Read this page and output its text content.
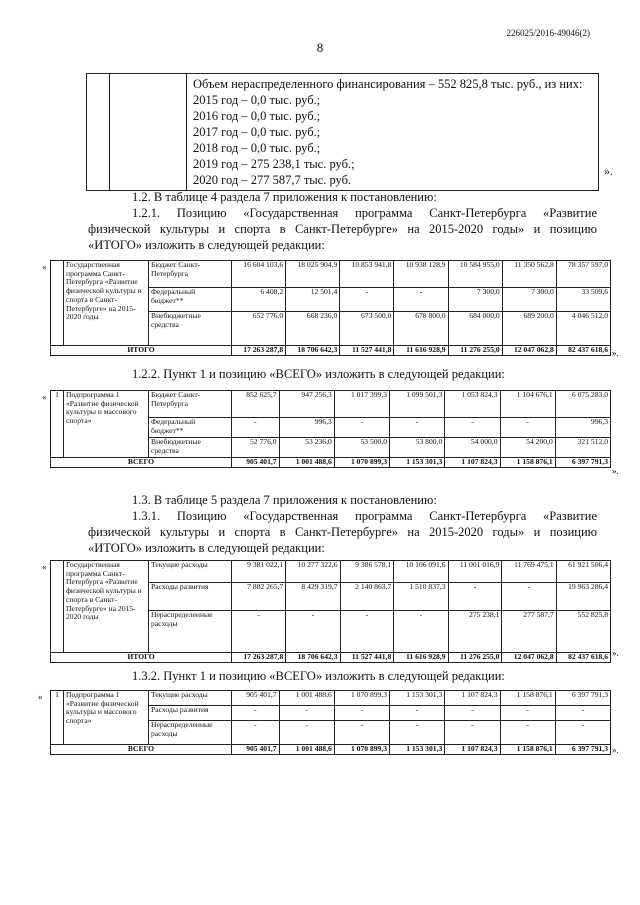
226025/2016-49046(2)
8

Объем нераспределенного финансирования – 552 825,8 тыс. руб., из них:
2015 год – 0,0 тыс. руб.;
2016 год – 0,0 тыс. руб.;
2017 год – 0,0 тыс. руб.;
2018 год – 0,0 тыс. руб.;
2019 год – 275 238,1 тыс. руб.;
2020 год – 277 587,7 тыс. руб.
».
1.2. В таблице 4 раздела 7 приложения к постановлению:
1.2.1. Позицию «Государственная программа Санкт-Петербурга «Развитие
физической культуры и спорта в Санкт-Петербурге» на 2015-2020 годы» и позицию
«ИТОГО» изложить в следующей редакции:
«
		Государственная программа Санкт-Петербурга «Развитие физической культуры и спорта в Санкт-Петербурге» на 2015-2020 годы	Бюджет Санкт-Петербурга	16 604 103,6	18 025 904,9	10 853 941,8	10 938 128,9	10 584 955,0	11 350 562,8	78 357 597,0
		Федеральный бюджет**	6 408,2	12 501,4	-	-	7 300,0	7 300,0	33 509,6
		Внебюджетные средства	652 776,0	668 236,0	673 500,0	678 800,0	684 000,0	689 200,0	4 046 512,0
ИТОГО			17 263 287,8	18 706 642,3	11 527 441,8	11 616 928,9	11 276 255,0	12 047 062,8	82 437 618,6 ».
1.2.2. Пункт 1 и позицию «ВСЕГО» изложить в следующей редакции:
« 1	Подпрограмма 1 «Развитие физической культуры и массового спорта»	Бюджет Санкт-Петербурга	852 625,7	947 256,3	1 017 399,3	1 099 501,3	1 053 824,3	1 104 676,1	6 075 283,0
		Федеральный бюджет**	-	996,3	-	-	-	-	996,3
		Внебюджетные средства	52 776,0	53 236,0	53 500,0	53 800,0	54 000,0	54 200,0	321 512,0
ВСЕГО			905 401,7	1 001 488,6	1 070 899,3	1 153 301,3	1 107 824,3	1 158 876,1	6 397 791,3
».
1.3. В таблице 5 раздела 7 приложения к постановлению:
1.3.1. Позицию «Государственная программа Санкт-Петербурга «Развитие
физической культуры и спорта в Санкт-Петербурге» на 2015-2020 годы» и позицию
«ИТОГО» изложить в следующей редакции:
«
		Государственная программа Санкт-Петербурга «Развитие физической культуры и спорта в Санкт-Петербурге» на 2015-2020 годы	Текущие расходы	9 381 022,1	10 277 322,6	9 386 578,1	10 106 091,6	11 001 016,9	11 769 475,1	61 921 506,4
		Расходы развития	7 882 265,7	8 429 319,7	2 140 863,7	1 510 837,3	-	-	19 963 286,4
		Нераспределенные расходы	-	-	-	-	275 238,1	277 587,7	552 825,8
ИТОГО			17 263 287,8	18 706 642,3	11 527 441,8	11 616 928,9	11 276 255,0	12 047 062,8	82 437 618,6 ».
1.3.2. Пункт 1 и позицию «ВСЕГО» изложить в следующей редакции:
« 1	Подпрограмма 1 «Развитие физической культуры и массового спорта»	Текущие расходы	905 401,7	1 001 488,6	1 070 899,3	1 153 301,3	1 107 824,3	1 158 876,1	6 397 791,3
		Расходы развития	-	-	-	-	-	-	-
		Нераспределенные расходы	-	-	-	-	-	-	-
ВСЕГО			905 401,7	1 001 488,6	1 070 899,3	1 153 301,3	1 107 824,3	1 158 876,1	6 397 791,3 ».
